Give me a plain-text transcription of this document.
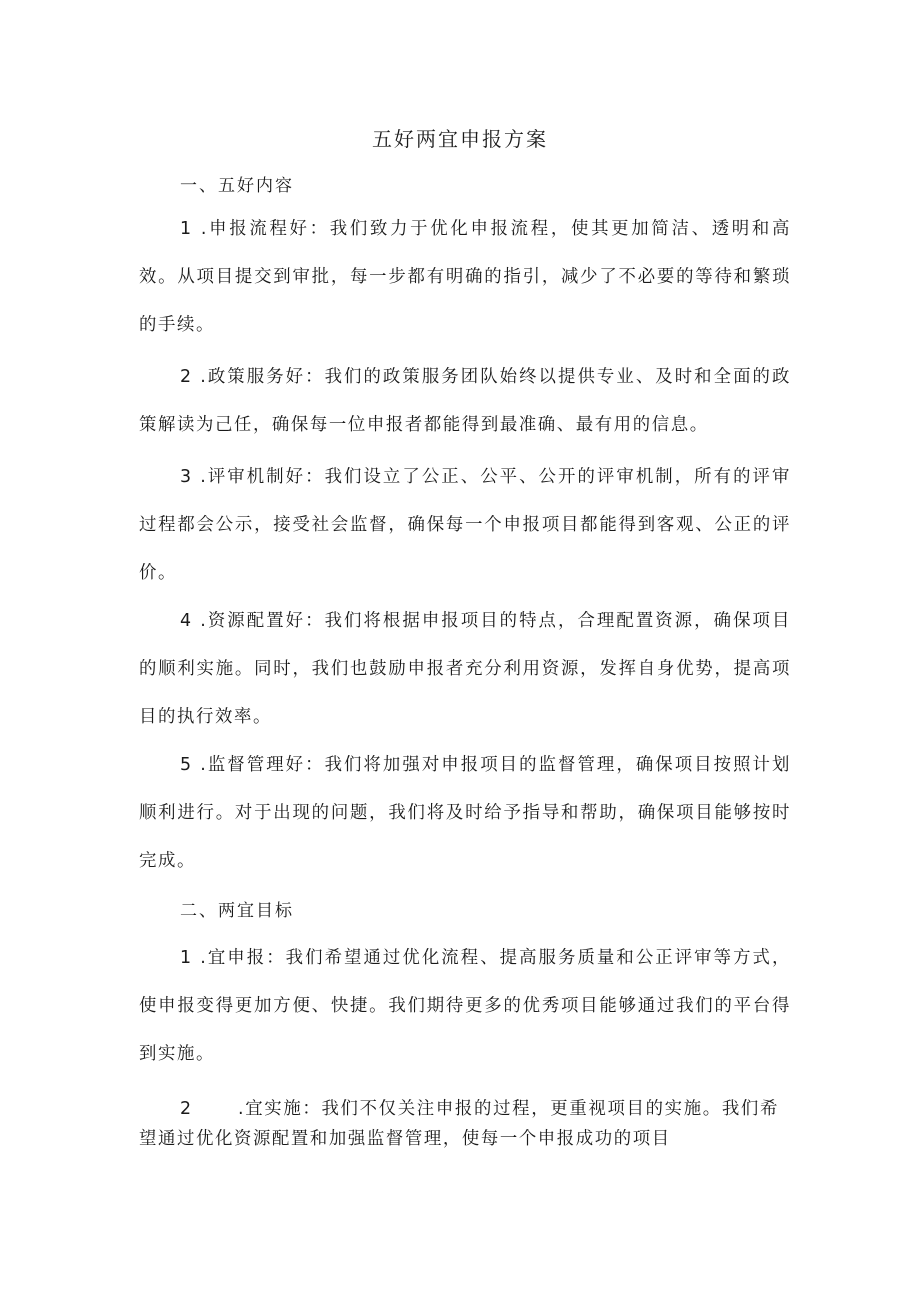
五好两宜申报方案
一、五好内容

1 .申报流程好：我们致力于优化申报流程，使其更加简洁、透明和高效。从项目提交到审批，每一步都有明确的指引，减少了不必要的等待和繁琐的手续。

2 .政策服务好：我们的政策服务团队始终以提供专业、及时和全面的政策解读为己任，确保每一位申报者都能得到最准确、最有用的信息。

3 .评审机制好：我们设立了公正、公平、公开的评审机制，所有的评审过程都会公示，接受社会监督，确保每一个申报项目都能得到客观、公正的评价。

4 .资源配置好：我们将根据申报项目的特点，合理配置资源，确保项目的顺利实施。同时，我们也鼓励申报者充分利用资源，发挥自身优势，提高项目的执行效率。

5 .监督管理好：我们将加强对申报项目的监督管理，确保项目按照计划顺利进行。对于出现的问题，我们将及时给予指导和帮助，确保项目能够按时完成。

二、两宜目标

1 .宜申报：我们希望通过优化流程、提高服务质量和公正评审等方式，使申报变得更加方便、快捷。我们期待更多的优秀项目能够通过我们的平台得到实施。

2 　　.宜实施：我们不仅关注申报的过程，更重视项目的实施。我们希望通过优化资源配置和加强监督管理，使每一个申报成功的项目
